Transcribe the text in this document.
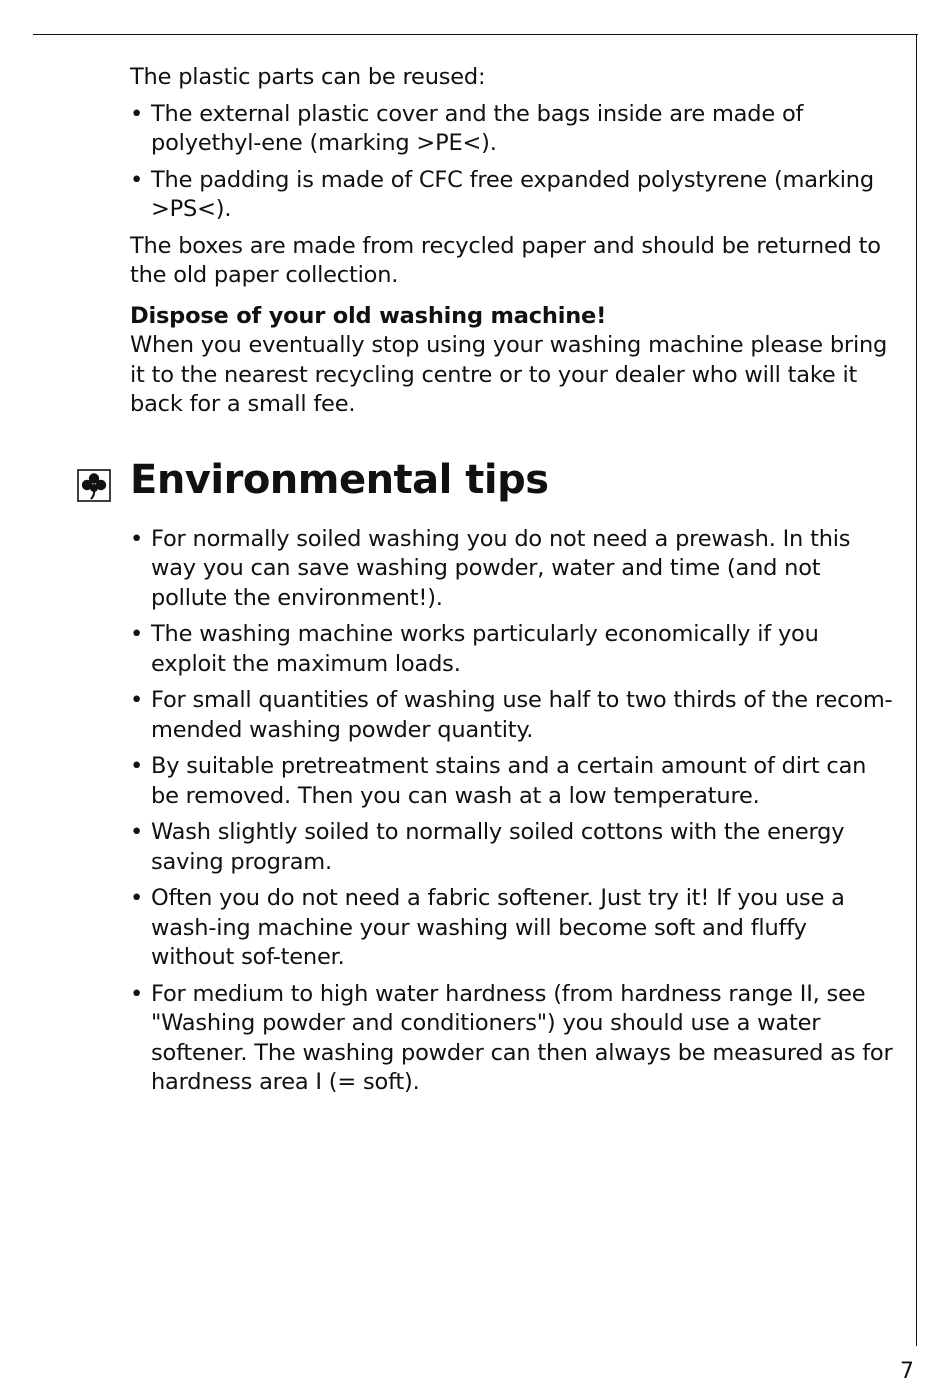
The plastic parts can be reused:

• The external plastic cover and the bags inside are made of polyethyl-ene (marking >PE<).
• The padding is made of CFC free expanded polystyrene (marking >PS<).

The boxes are made from recycled paper and should be returned to the old paper collection.

Dispose of your old washing machine!

When you eventually stop using your washing machine please bring it to the nearest recycling centre or to your dealer who will take it back for a small fee.

Environmental tips
• For normally soiled washing you do not need a prewash. In this way you can save washing powder, water and time (and not pollute the environment!).
• The washing machine works particularly economically if you exploit the maximum loads.
• For small quantities of washing use half to two thirds of the recom-mended washing powder quantity.
• By suitable pretreatment stains and a certain amount of dirt can be removed. Then you can wash at a low temperature.
• Wash slightly soiled to normally soiled cottons with the energy saving program.
• Often you do not need a fabric softener. Just try it! If you use a wash-ing machine your washing will become soft and fluffy without sof-tener.
• For medium to high water hardness (from hardness range II, see "Washing powder and conditioners") you should use a water softener. The washing powder can then always be measured as for hardness area I (= soft).
7
